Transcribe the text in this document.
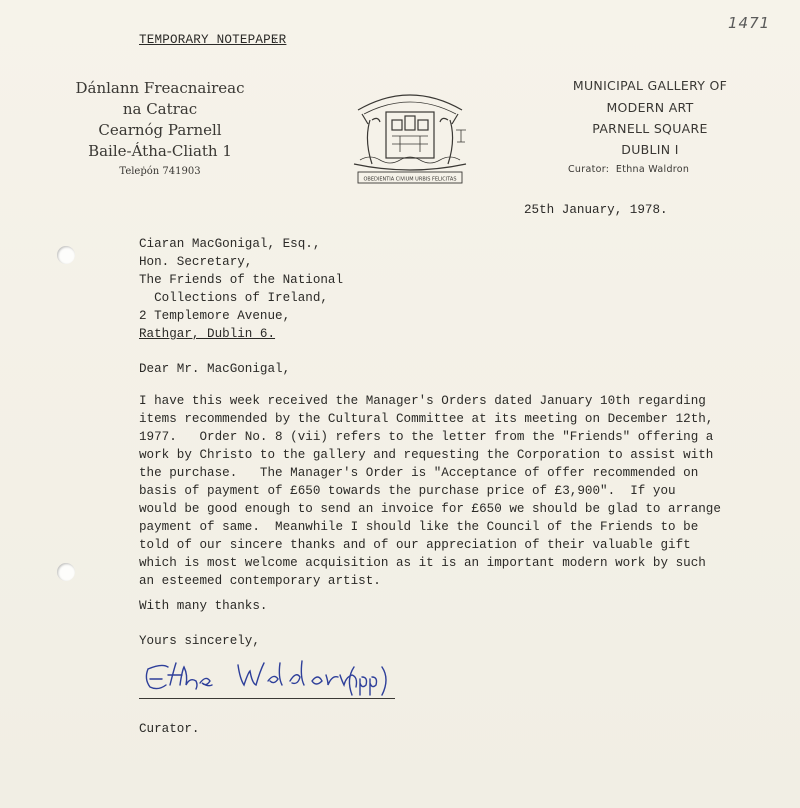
TEMPORARY NOTEPAPER
1471
Dánlann Freacnaireac
na Catrac
Cearnóg Parnell
Baile-Átha-Cliath 1
Teleṗón 741903
OBEDIENTIA CIVIUM URBIS FELICITAS
MUNICIPAL GALLERY OF
MODERN ART
PARNELL SQUARE
DUBLIN I
Curator:  Ethna Waldron
25th January, 1978.
Ciaran MacGonigal, Esq.,
Hon. Secretary,
The Friends of the National
Collections of Ireland,
2 Templemore Avenue,
Rathgar, Dublin 6.
Dear Mr. MacGonigal,
I have this week received the Manager's Orders dated January 10th regarding
items recommended by the Cultural Committee at its meeting on December 12th,
1977.   Order No. 8 (vii) refers to the letter from the "Friends" offering a
work by Christo to the gallery and requesting the Corporation to assist with
the purchase.   The Manager's Order is "Acceptance of offer recommended on
basis of payment of £650 towards the purchase price of £3,900".  If you
would be good enough to send an invoice for £650 we should be glad to arrange
payment of same.  Meanwhile I should like the Council of the Friends to be
told of our sincere thanks and of our appreciation of their valuable gift
which is most welcome acquisition as it is an important modern work by such
an esteemed contemporary artist.
With many thanks.
Yours sincerely,
Curator.
